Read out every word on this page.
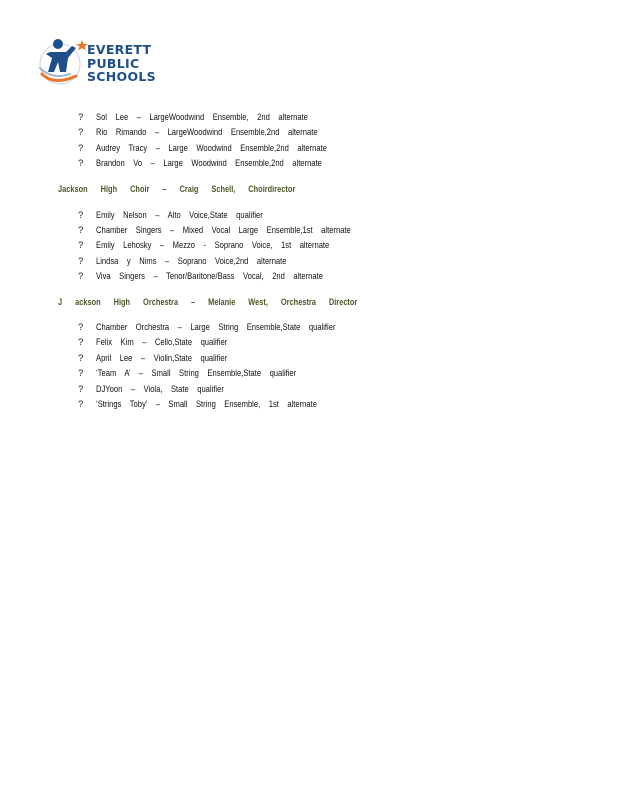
EVERETT
PUBLIC
SCHOOLS
? Sol Lee – LargeWoodwind Ensemble, 2nd alternate
? Rio Rimando – LargeWoodwind Ensemble,2nd alternate
? Audrey Tracy – Large Woodwind Ensemble,2nd alternate
? Brandon Vo – Large Woodwind Ensemble,2nd alternate
Jackson High Choir – Craig Schell, Choirdirector
? Emily Nelson – Alto Voice,State qualifier
? Chamber Singers – Mixed Vocal Large Ensemble,1st alternate
? Emily Lehosky – Mezzo - Soprano Voice, 1st alternate
? Lindsa y Nims – Soprano Voice,2nd alternate
? Viva Singers – Tenor/Baritone/Bass Vocal, 2nd alternate
J ackson High Orchestra – Melanie West, Orchestra Director
? Chamber Orchestra – Large String Ensemble,State qualifier
? Felix Kim – Cello,State qualifier
? April Lee – Violin,State qualifier
? ‘Team A’ – Small String Ensemble,State qualifier
? DJYoon – Viola, State qualifier
? ‘Strings Toby’ – Small String Ensemble, 1st alternate
